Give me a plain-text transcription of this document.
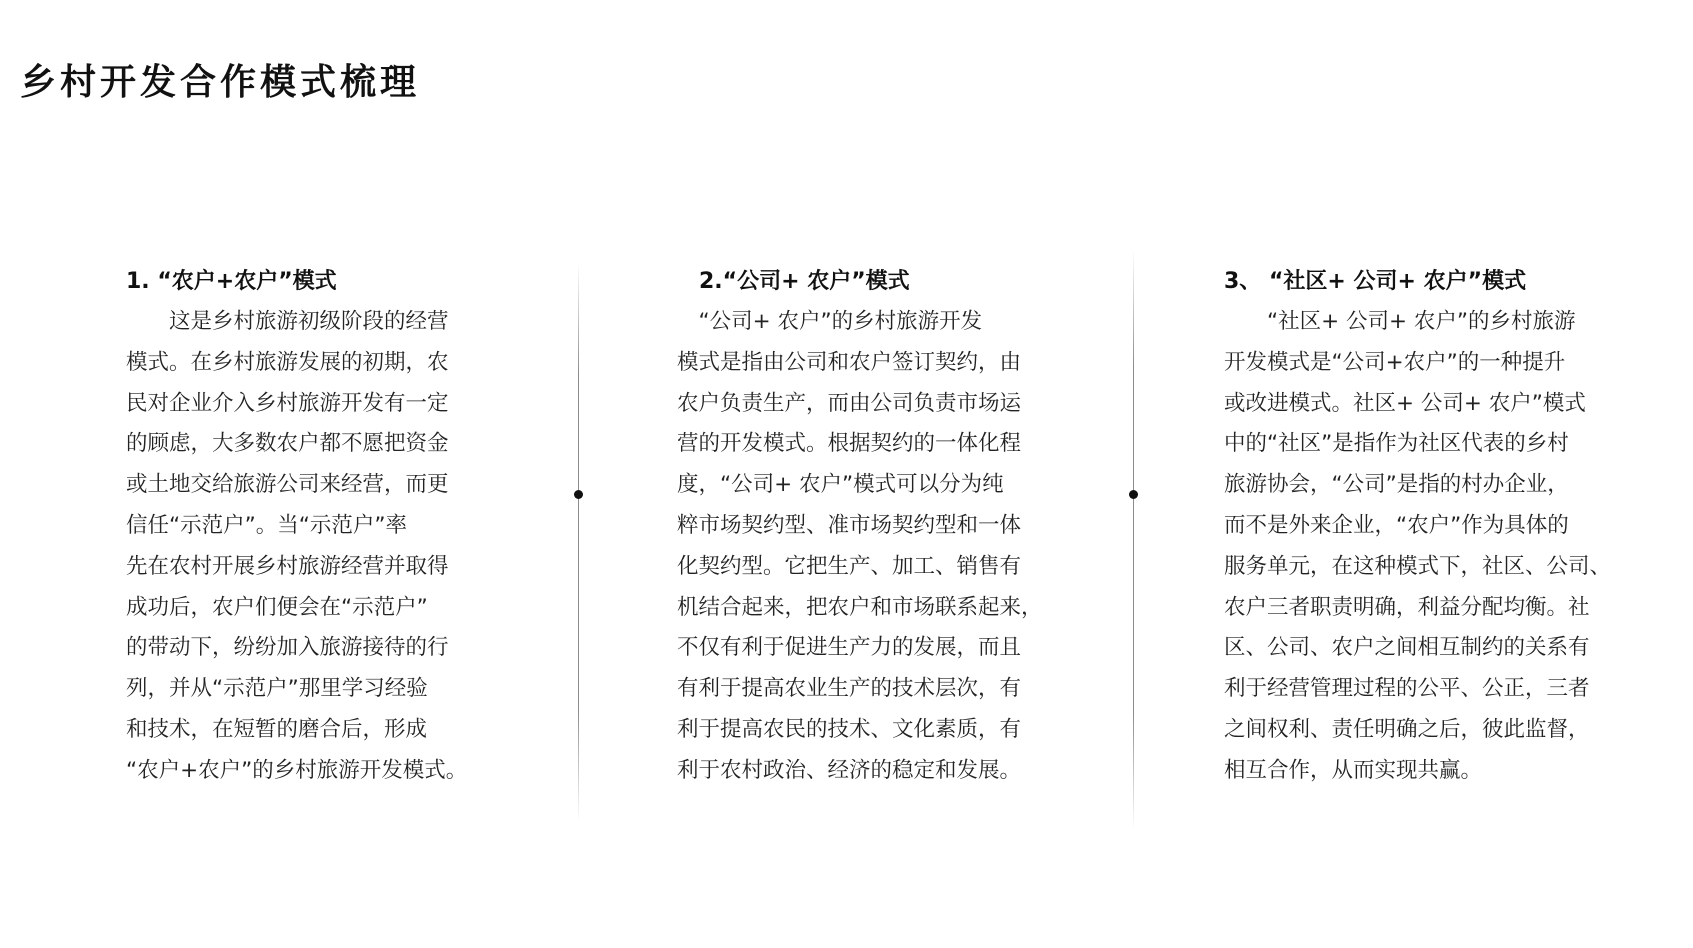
乡村开发合作模式梳理
1. “农户+农户”模式
　　这是乡村旅游初级阶段的经营
模式。在乡村旅游发展的初期，农
民对企业介入乡村旅游开发有一定
的顾虑，大多数农户都不愿把资金
或土地交给旅游公司来经营，而更
信任“示范户”。当“示范户”率
先在农村开展乡村旅游经营并取得
成功后，农户们便会在“示范户”
的带动下，纷纷加入旅游接待的行
列，并从“示范户”那里学习经验
和技术，在短暂的磨合后，形成
“农户+农户”的乡村旅游开发模式。
2.“公司+ 农户”模式
　“公司+ 农户”的乡村旅游开发
模式是指由公司和农户签订契约，由
农户负责生产，而由公司负责市场运
营的开发模式。根据契约的一体化程
度，“公司+ 农户”模式可以分为纯
粹市场契约型、准市场契约型和一体
化契约型。它把生产、加工、销售有
机结合起来，把农户和市场联系起来，
不仅有利于促进生产力的发展，而且
有利于提高农业生产的技术层次，有
利于提高农民的技术、文化素质，有
利于农村政治、经济的稳定和发展。
3、 “社区+ 公司+ 农户”模式
　　“社区+ 公司+ 农户”的乡村旅游
开发模式是“公司+农户”的一种提升
或改进模式。社区+ 公司+ 农户”模式
中的“社区”是指作为社区代表的乡村
旅游协会，“公司”是指的村办企业，
而不是外来企业，“农户”作为具体的
服务单元，在这种模式下，社区、公司、
农户三者职责明确，利益分配均衡。社
区、公司、农户之间相互制约的关系有
利于经营管理过程的公平、公正，三者
之间权利、责任明确之后，彼此监督，
相互合作，从而实现共赢。
